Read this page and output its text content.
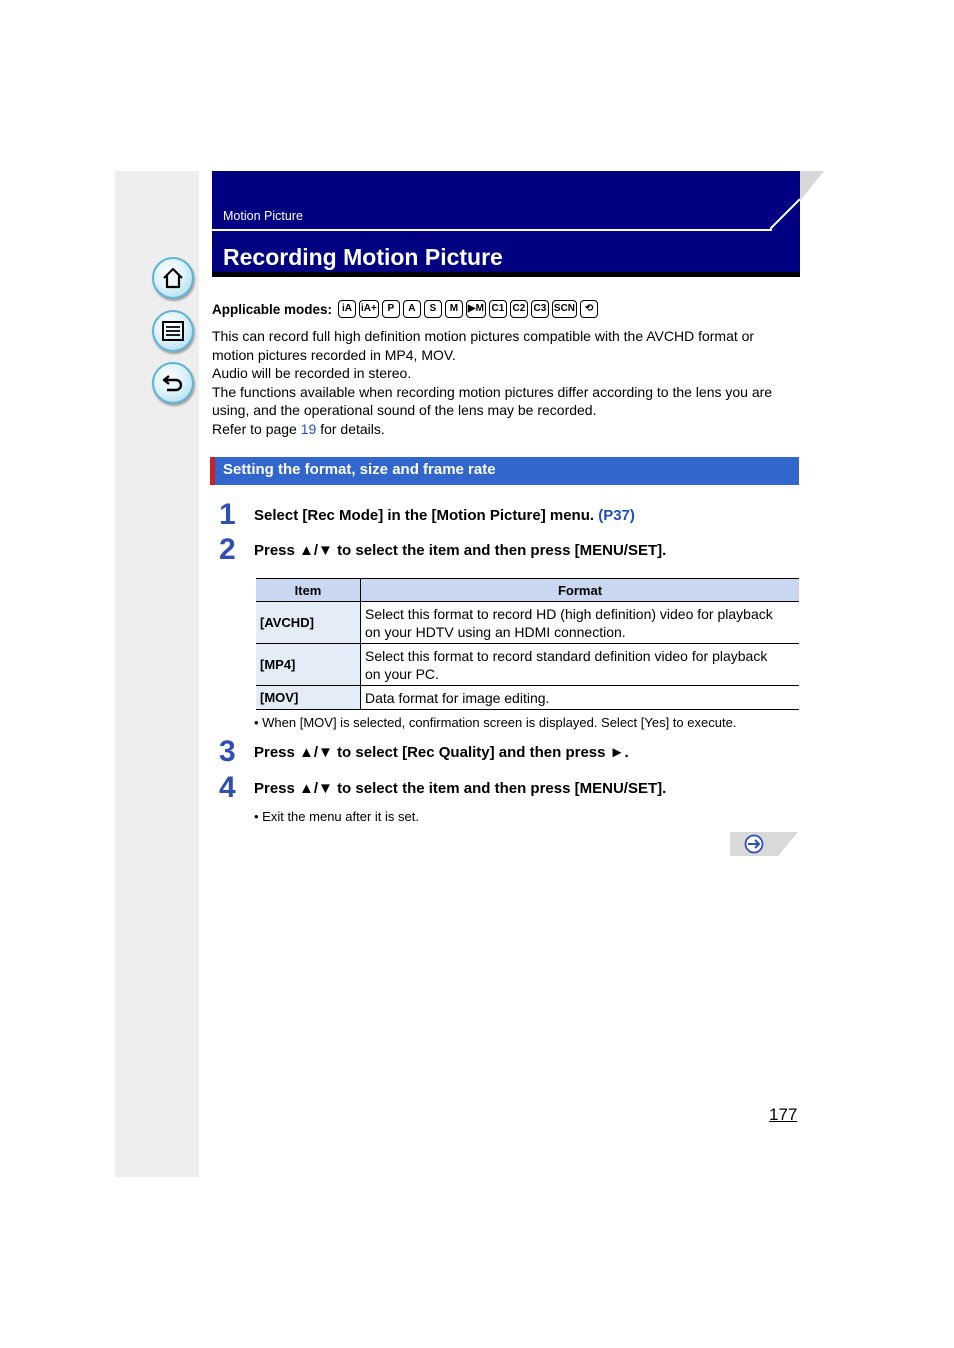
Motion Picture
Recording Motion Picture
Applicable modes:	iA iA+	P	A	S	M ▶M C1 C2 C3 SCN ⟲

This can record full high definition motion pictures compatible with the AVCHD format or

motion pictures recorded in MP4, MOV.

Audio will be recorded in stereo.

The functions available when recording motion pictures differ according to the lens you are

using, and the operational sound of the lens may be recorded.

Refer to page 19 for details.

Setting the format, size and frame rate
1 Select [Rec Mode] in the [Motion Picture] menu. (P37)
2 Press ▲/▼ to select the item and then press [MENU/SET].
Item	Format
[AVCHD]	Select this format to record HD (high definition) video for playback
on your HDTV using an HDMI connection.

[MP4]	Select this format to record standard definition video for playback
on your PC.

[MOV]	Data format for image editing.
• When [MOV] is selected, confirmation screen is displayed. Select [Yes] to execute.
3 Press ▲/▼ to select [Rec Quality] and then press ►.
4 Press ▲/▼ to select the item and then press [MENU/SET].
• Exit the menu after it is set.
177
